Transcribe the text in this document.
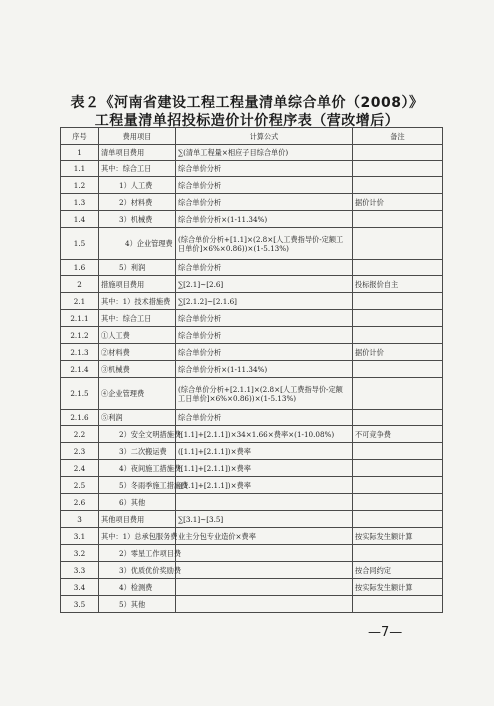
表２《河南省建设工程工程量清单综合单价（2008）》
工程量清单招投标造价计价程序表（营改增后）
序号	费用项目	计算公式	备注
1	清单项目费用	∑(清单工程量×相应子目综合单价)	
1.1	其中：综合工日	综合单价分析	
1.2	1）人工费	综合单价分析	
1.3	2）材料费	综合单价分析	据价计价
1.4	3）机械费	综合单价分析×(1-11.34%)	
1.5	4）企业管理费	(综合单价分析+[1.1]×(2.8×[人工费指导价-定额工日单价]×6%×0.86))×(1-5.13%)	
1.6	5）利润	综合单价分析	
2	措施项目费用	∑[2.1]~[2.6]	投标报价自主
2.1	其中：1）技术措施费	∑[2.1.2]~[2.1.6]	
2.1.1	其中：综合工日	综合单价分析	
2.1.2	①人工费	综合单价分析	
2.1.3	②材料费	综合单价分析	据价计价
2.1.4	③机械费	综合单价分析×(1-11.34%)	
2.1.5	④企业管理费	(综合单价分析+[2.1.1]×(2.8×[人工费指导价-定额工日单价]×6%×0.86))×(1-5.13%)	
2.1.6	⑤利润	综合单价分析	
2.2	2）安全文明措施费	([1.1]+[2.1.1])×34×1.66×费率×(1-10.08%)	不可竞争费
2.3	3）二次搬运费	([1.1]+[2.1.1])×费率	
2.4	4）夜间施工措施费	([1.1]+[2.1.1])×费率	
2.5	5）冬雨季施工措施费	([1.1]+[2.1.1])×费率	
2.6	6）其他		
3	其他项目费用	∑[3.1]~[3.5]	
3.1	其中：1）总承包服务费	业主分包专业造价×费率	按实际发生额计算
3.2	2）零星工作项目费		
3.3	3）优质优价奖励费		按合同约定
3.4	4）检测费		按实际发生额计算
3.5	5）其他		
—7—
